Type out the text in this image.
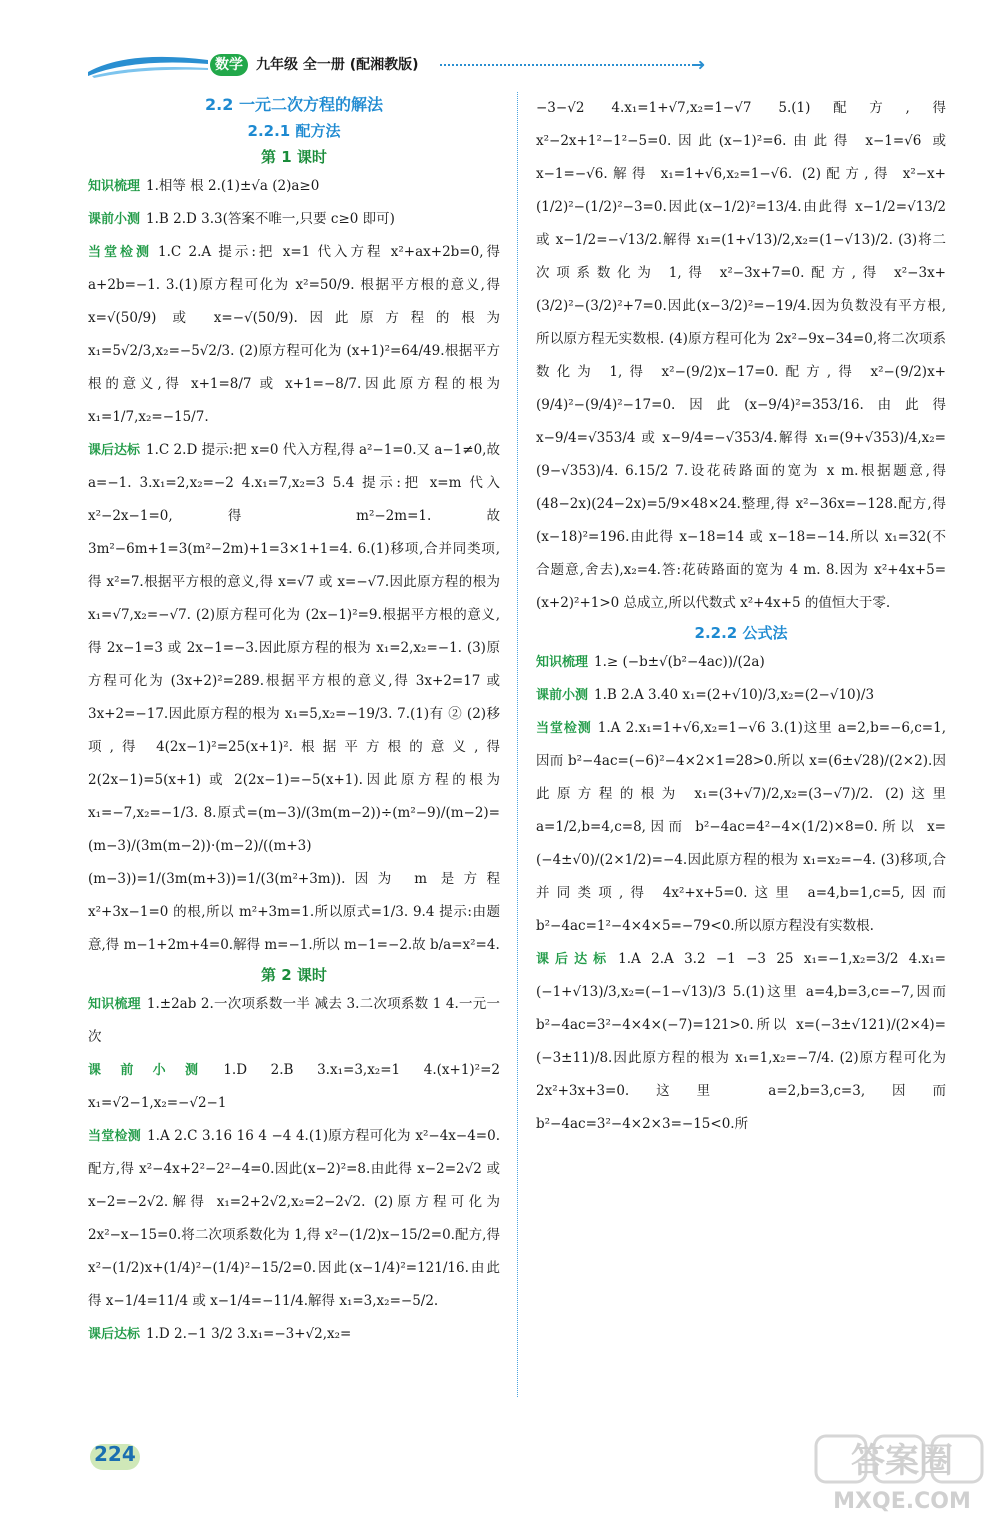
数学 九年级 全一册 (配湘教版)	➜
2.2 一元二次方程的解法
2.2.1 配方法
第 1 课时

知识梳理 1.相等 根 2.(1)±√a (2)a≥0

课前小测 1.B 2.D 3.3(答案不唯一,只要 c≥0 即可)

当堂检测 1.C 2.A 提示:把 x=1 代入方程 x²+ax+2b=0,得 a+2b=−1. 3.(1)原方程可化为 x²=50/9. 根据平方根的意义,得 x=√(50/9) 或 x=−√(50/9).因此原方程的根为 x₁=5√2/3,x₂=−5√2/3. (2)原方程可化为 (x+1)²=64/49.根据平方根的意义,得 x+1=8/7 或 x+1=−8/7.因此原方程的根为 x₁=1/7,x₂=−15/7.

课后达标 1.C 2.D 提示:把 x=0 代入方程,得 a²−1=0.又 a−1≠0,故 a=−1. 3.x₁=2,x₂=−2 4.x₁=7,x₂=3 5.4 提示:把 x=m 代入 x²−2x−1=0,得 m²−2m=1.故 3m²−6m+1=3(m²−2m)+1=3×1+1=4. 6.(1)移项,合并同类项,得 x²=7.根据平方根的意义,得 x=√7 或 x=−√7.因此原方程的根为 x₁=√7,x₂=−√7. (2)原方程可化为 (2x−1)²=9.根据平方根的意义,得 2x−1=3 或 2x−1=−3.因此原方程的根为 x₁=2,x₂=−1. (3)原方程可化为 (3x+2)²=289.根据平方根的意义,得 3x+2=17 或 3x+2=−17.因此原方程的根为 x₁=5,x₂=−19/3. 7.(1)有 ② (2)移项,得 4(2x−1)²=25(x+1)².根据平方根的意义,得 2(2x−1)=5(x+1) 或 2(2x−1)=−5(x+1).因此原方程的根为 x₁=−7,x₂=−1/3. 8.原式=(m−3)/(3m(m−2))÷(m²−9)/(m−2)=(m−3)/(3m(m−2))·(m−2)/((m+3)(m−3))=1/(3m(m+3))=1/(3(m²+3m)).因为 m 是方程 x²+3x−1=0 的根,所以 m²+3m=1.所以原式=1/3. 9.4 提示:由题意,得 m−1+2m+4=0.解得 m=−1.所以 m−1=−2.故 b/a=x²=4.

第 2 课时

知识梳理 1.±2ab 2.一次项系数一半 减去 3.二次项系数 1 4.一元一次

课前小测 1.D 2.B 3.x₁=3,x₂=1 4.(x+1)²=2 x₁=√2−1,x₂=−√2−1

当堂检测 1.A 2.C 3.16 16 4 −4 4.(1)原方程可化为 x²−4x−4=0.配方,得 x²−4x+2²−2²−4=0.因此(x−2)²=8.由此得 x−2=2√2 或 x−2=−2√2.解得 x₁=2+2√2,x₂=2−2√2. (2)原方程可化为 2x²−x−15=0.将二次项系数化为 1,得 x²−(1/2)x−15/2=0.配方,得 x²−(1/2)x+(1/4)²−(1/4)²−15/2=0.因此(x−1/4)²=121/16.由此得 x−1/4=11/4 或 x−1/4=−11/4.解得 x₁=3,x₂=−5/2.

课后达标 1.D 2.−1 3/2 3.x₁=−3+√2,x₂=

−3−√2 4.x₁=1+√7,x₂=1−√7 5.(1)配方,得 x²−2x+1²−1²−5=0.因此(x−1)²=6.由此得 x−1=√6 或 x−1=−√6.解得 x₁=1+√6,x₂=1−√6. (2)配方,得 x²−x+(1/2)²−(1/2)²−3=0.因此(x−1/2)²=13/4.由此得 x−1/2=√13/2 或 x−1/2=−√13/2.解得 x₁=(1+√13)/2,x₂=(1−√13)/2. (3)将二次项系数化为 1,得 x²−3x+7=0.配方,得 x²−3x+(3/2)²−(3/2)²+7=0.因此(x−3/2)²=−19/4.因为负数没有平方根,所以原方程无实数根. (4)原方程可化为 2x²−9x−34=0,将二次项系数化为 1,得 x²−(9/2)x−17=0.配方,得 x²−(9/2)x+(9/4)²−(9/4)²−17=0.因此(x−9/4)²=353/16.由此得 x−9/4=√353/4 或 x−9/4=−√353/4.解得 x₁=(9+√353)/4,x₂=(9−√353)/4. 6.15/2 7.设花砖路面的宽为 x m.根据题意,得(48−2x)(24−2x)=5/9×48×24.整理,得 x²−36x=−128.配方,得(x−18)²=196.由此得 x−18=14 或 x−18=−14.所以 x₁=32(不合题意,舍去),x₂=4.答:花砖路面的宽为 4 m. 8.因为 x²+4x+5=(x+2)²+1>0 总成立,所以代数式 x²+4x+5 的值恒大于零.

2.2.2 公式法

知识梳理 1.≥ (−b±√(b²−4ac))/(2a)

课前小测 1.B 2.A 3.40 x₁=(2+√10)/3,x₂=(2−√10)/3

当堂检测 1.A 2.x₁=1+√6,x₂=1−√6 3.(1)这里 a=2,b=−6,c=1,因而 b²−4ac=(−6)²−4×2×1=28>0.所以 x=(6±√28)/(2×2).因此原方程的根为 x₁=(3+√7)/2,x₂=(3−√7)/2. (2)这里 a=1/2,b=4,c=8,因而 b²−4ac=4²−4×(1/2)×8=0.所以 x=(−4±√0)/(2×1/2)=−4.因此原方程的根为 x₁=x₂=−4. (3)移项,合并同类项,得 4x²+x+5=0.这里 a=4,b=1,c=5,因而 b²−4ac=1²−4×4×5=−79<0.所以原方程没有实数根.

课后达标 1.A 2.A 3.2 −1 −3 25 x₁=−1,x₂=3/2 4.x₁=(−1+√13)/3,x₂=(−1−√13)/3 5.(1)这里 a=4,b=3,c=−7,因而 b²−4ac=3²−4×4×(−7)=121>0.所以 x=(−3±√121)/(2×4)=(−3±11)/8.因此原方程的根为 x₁=1,x₂=−7/4. (2)原方程可化为 2x²+3x+3=0.这里 a=2,b=3,c=3,因而 b²−4ac=3²−4×2×3=−15<0.所

224	答案圈
MXQE.COM
